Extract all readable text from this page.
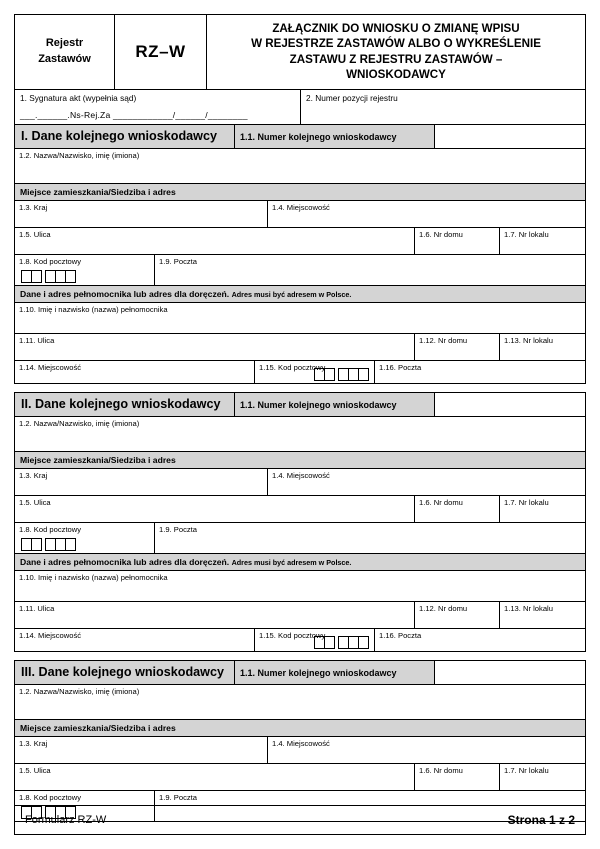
Rejestr
Zastawów	RZ–W
ZAŁĄCZNIK DO WNIOSKU O ZMIANĘ WPISU
W REJESTRZE ZASTAWÓW ALBO O WYKREŚLENIE
ZASTAWU Z REJESTRU ZASTAWÓW –
WNIOSKODAWCY
1. Sygnatura akt (wypełnia sąd)
___.______.Ns-Rej.Za ____________/______/________
2. Numer pozycji rejestru
I. Dane kolejnego wnioskodawcy	1.1. Numer kolejnego wnioskodawcy
1.2. Nazwa/Nazwisko, imię (imiona)
Miejsce zamieszkania/Siedziba i adres
1.3. Kraj	1.4. Miejscowość
1.5. Ulica	1.6. Nr domu	1.7. Nr lokalu
1.8. Kod pocztowy	1.9. Poczta
Dane i adres pełnomocnika lub adres dla doręczeń. Adres musi być adresem w Polsce.
1.10. Imię i nazwisko (nazwa) pełnomocnika
1.11. Ulica	1.12. Nr domu	1.13. Nr lokalu
1.14. Miejscowość	1.15. Kod pocztowy	1.16. Poczta
II. Dane kolejnego wnioskodawcy	1.1. Numer kolejnego wnioskodawcy
1.2. Nazwa/Nazwisko, imię (imiona)
Miejsce zamieszkania/Siedziba i adres
1.3. Kraj	1.4. Miejscowość
1.5. Ulica	1.6. Nr domu	1.7. Nr lokalu
1.8. Kod pocztowy	1.9. Poczta
Dane i adres pełnomocnika lub adres dla doręczeń. Adres musi być adresem w Polsce.
1.10. Imię i nazwisko (nazwa) pełnomocnika
1.11. Ulica	1.12. Nr domu	1.13. Nr lokalu
1.14. Miejscowość	1.15. Kod pocztowy	1.16. Poczta
III. Dane kolejnego wnioskodawcy	1.1. Numer kolejnego wnioskodawcy
1.2. Nazwa/Nazwisko, imię (imiona)
Miejsce zamieszkania/Siedziba i adres
1.3. Kraj	1.4. Miejscowość
1.5. Ulica	1.6. Nr domu	1.7. Nr lokalu
1.8. Kod pocztowy	1.9. Poczta
Formularz RZ-W	Strona 1 z 2
